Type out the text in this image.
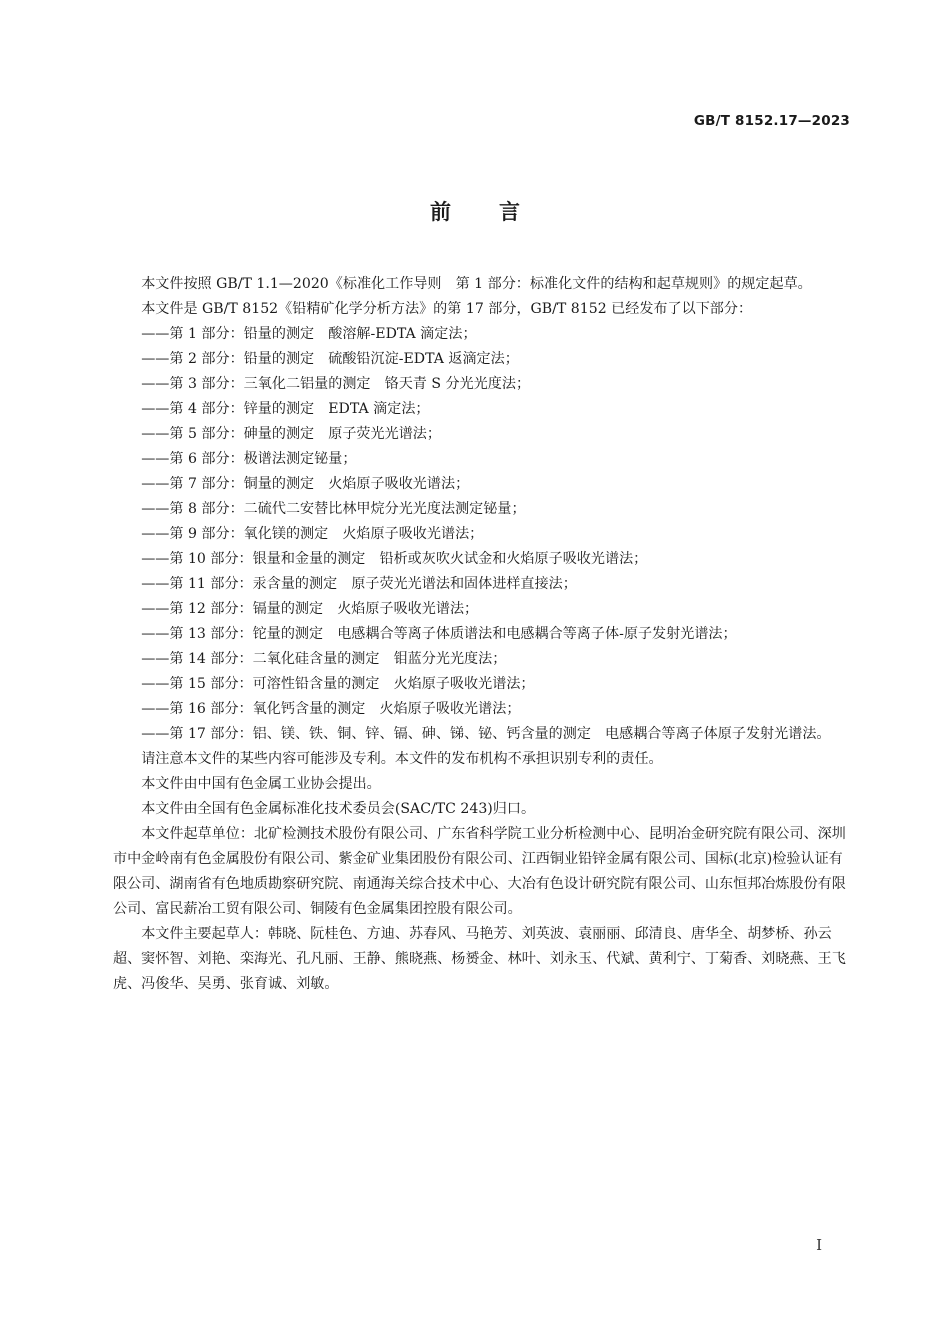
GB/T 8152.17—2023
前言

本文件按照 GB/T 1.1—2020《标准化工作导则　第 1 部分：标准化文件的结构和起草规则》的规定起草。

本文件是 GB/T 8152《铅精矿化学分析方法》的第 17 部分，GB/T 8152 已经发布了以下部分：

——第 1 部分：铅量的测定 酸溶解-EDTA 滴定法；

——第 2 部分：铅量的测定 硫酸铅沉淀-EDTA 返滴定法；

——第 3 部分：三氧化二铝量的测定 铬天青 S 分光光度法；

——第 4 部分：锌量的测定 EDTA 滴定法；

——第 5 部分：砷量的测定 原子荧光光谱法；

——第 6 部分：极谱法测定铋量；

——第 7 部分：铜量的测定 火焰原子吸收光谱法；

——第 8 部分：二硫代二安替比林甲烷分光光度法测定铋量；

——第 9 部分：氧化镁的测定 火焰原子吸收光谱法；

——第 10 部分：银量和金量的测定 铅析或灰吹火试金和火焰原子吸收光谱法；

——第 11 部分：汞含量的测定 原子荧光光谱法和固体进样直接法；

——第 12 部分：镉量的测定 火焰原子吸收光谱法；

——第 13 部分：铊量的测定 电感耦合等离子体质谱法和电感耦合等离子体-原子发射光谱法；

——第 14 部分：二氧化硅含量的测定 钼蓝分光光度法；

——第 15 部分：可溶性铅含量的测定 火焰原子吸收光谱法；

——第 16 部分：氧化钙含量的测定 火焰原子吸收光谱法；

——第 17 部分：铝、镁、铁、铜、锌、镉、砷、锑、铋、钙含量的测定 电感耦合等离子体原子发射光谱法。

请注意本文件的某些内容可能涉及专利。本文件的发布机构不承担识别专利的责任。

本文件由中国有色金属工业协会提出。

本文件由全国有色金属标准化技术委员会(SAC/TC 243)归口。

本文件起草单位：北矿检测技术股份有限公司、广东省科学院工业分析检测中心、昆明冶金研究院有限公司、深圳市中金岭南有色金属股份有限公司、紫金矿业集团股份有限公司、江西铜业铅锌金属有限公司、国标(北京)检验认证有限公司、湖南省有色地质勘察研究院、南通海关综合技术中心、大冶有色设计研究院有限公司、山东恒邦冶炼股份有限公司、富民薪冶工贸有限公司、铜陵有色金属集团控股有限公司。

本文件主要起草人：韩晓、阮桂色、方迪、苏春风、马艳芳、刘英波、袁丽丽、邱清良、唐华全、胡梦桥、孙云超、窦怀智、刘艳、栾海光、孔凡丽、王静、熊晓燕、杨赟金、林叶、刘永玉、代斌、黄利宁、丁菊香、刘晓燕、王飞虎、冯俊华、吴勇、张育诚、刘敏。

I
